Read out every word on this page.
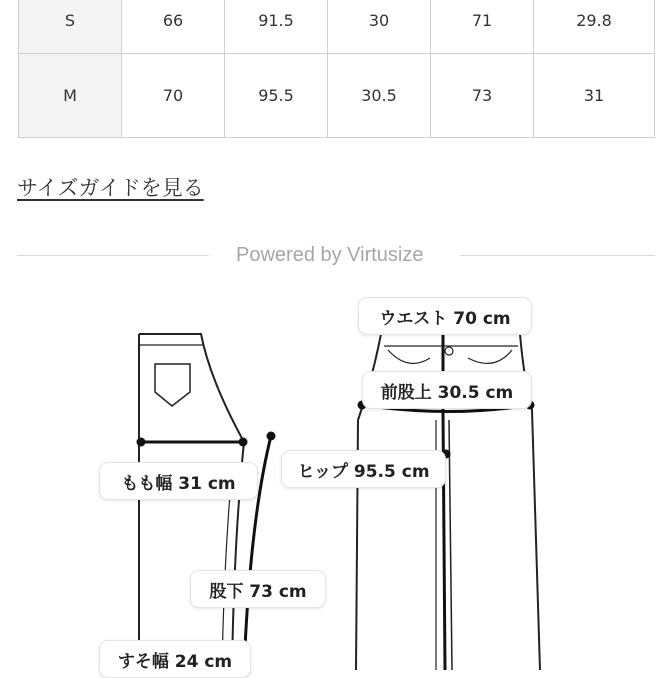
S	66	91.5	30	71	29.8
M	70	95.5	30.5	73	31
サイズガイドを見る
Powered by Virtusize
ウエスト 70 cm
前股上 30.5 cm
ヒップ 95.5 cm
もも幅 31 cm
股下 73 cm
すそ幅 24 cm
